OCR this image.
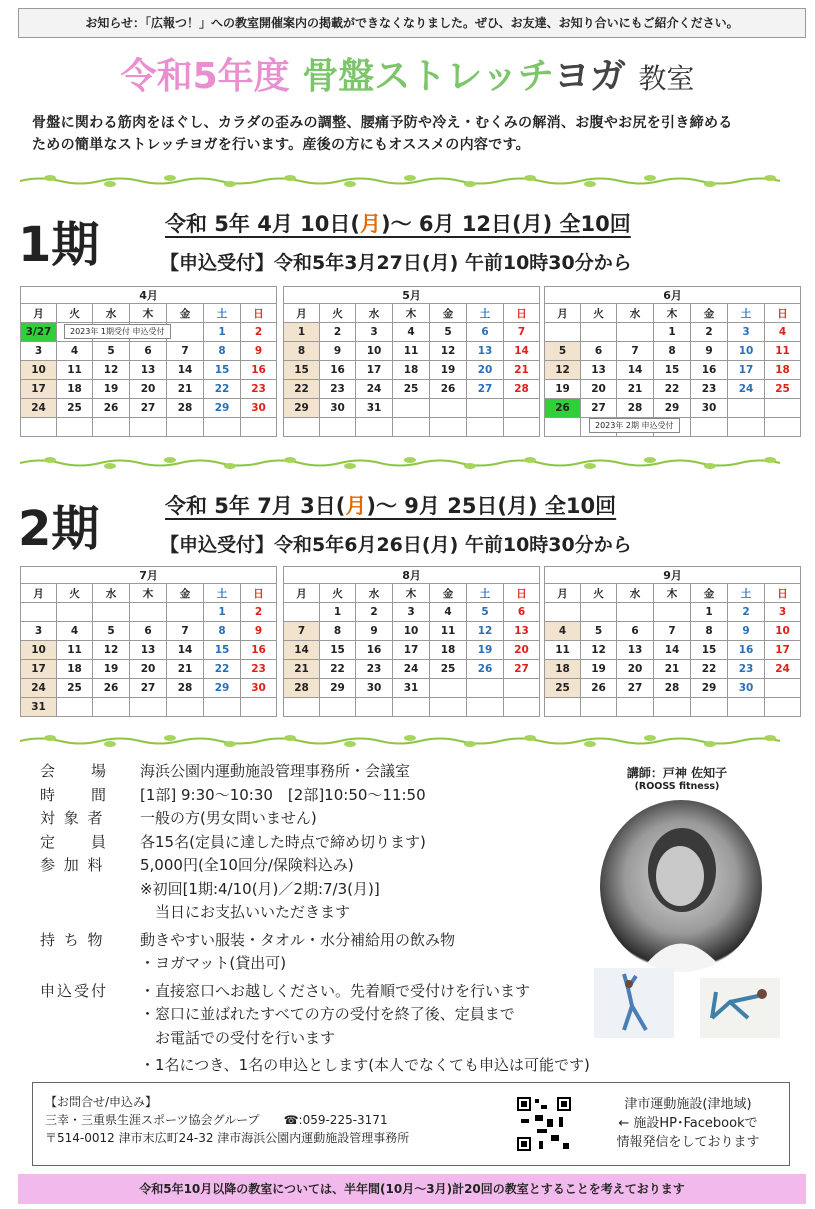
お知らせ：「広報つ！」への教室開催案内の掲載ができなくなりました。ぜひ、お友達、お知り合いにもご紹介ください。
令和5年度 骨盤ストレッチヨガ 教室
骨盤に関わる筋肉をほぐし、カラダの歪みの調整、腰痛予防や冷え・むくみの解消、お腹やお尻を引き締める
ための簡単なストレッチヨガを行います。産後の方にもオススメの内容です。
1期	令和 5年 4月 10日(月)～ 6月 12日(月) 全10回
【申込受付】令和5年3月27日(月) 午前10時30分から
2期	令和 5年 7月 3日(月)～ 9月 25日(月) 全10回
【申込受付】令和5年6月26日(月) 午前10時30分から
4月						
月	火	水	木	金	土	日
3/27					1	2
3	4	5	6	7	8	9
10	11	12	13	14	15	16
17	18	19	20	21	22	23
24	25	26	27	28	29	30

5月						
月	火	水	木	金	土	日
1	2	3	4	5	6	7
8	9	10	11	12	13	14
15	16	17	18	19	20	21
22	23	24	25	26	27	28
29	30	31				

6月						
月	火	水	木	金	土	日
			1	2	3	4
5	6	7	8	9	10	11
12	13	14	15	16	17	18
19	20	21	22	23	24	25
26	27	28	29	30		

7月						
月	火	水	木	金	土	日
					1	2
3	4	5	6	7	8	9
10	11	12	13	14	15	16
17	18	19	20	21	22	23
24	25	26	27	28	29	30
31						
8月						
月	火	水	木	金	土	日
	1	2	3	4	5	6
7	8	9	10	11	12	13
14	15	16	17	18	19	20
21	22	23	24	25	26	27
28	29	30	31			

9月						
月	火	水	木	金	土	日
				1	2	3
4	5	6	7	8	9	10
11	12	13	14	15	16	17
18	19	20	21	22	23	24
25	26	27	28	29	30	

2023年 1期受付 申込受付
2023年 2期 申込受付
会　　場 海浜公園内運動施設管理事務所・会議室
時　　間 [1部] 9:30～10:30　[2部]10:50～11:50
対 象 者 一般の方(男女問いません)
定　　員 各15名(定員に達した時点で締め切ります)
参 加 料 5,000円(全10回分/保険料込み)
※初回[1期:4/10(月)／2期:7/3(月)]
　当日にお支払いいただきます
持 ち 物 動きやすい服装・タオル・水分補給用の飲み物
・ヨガマット(貸出可)
申込受付 ・直接窓口へお越しください。先着順で受付けを行います
・窓口に並ばれたすべての方の受付を終了後、定員まで
　お電話での受付を行います
・1名につき、1名の申込とします(本人でなくても申込は可能です)
講師：戸神 佐知子
(ROOSS fitness)
【お問合せ/申込み】
三幸・三重県生涯スポーツ協会グループ　　 ☎:059-225-3171
〒514-0012 津市末広町24-32 津市海浜公園内運動施設管理事務所
津市運動施設(津地域)
← 施設HP･Facebookで
情報発信をしております
令和5年10月以降の教室については、半年間(10月～3月)計20回の教室とすることを考えております
